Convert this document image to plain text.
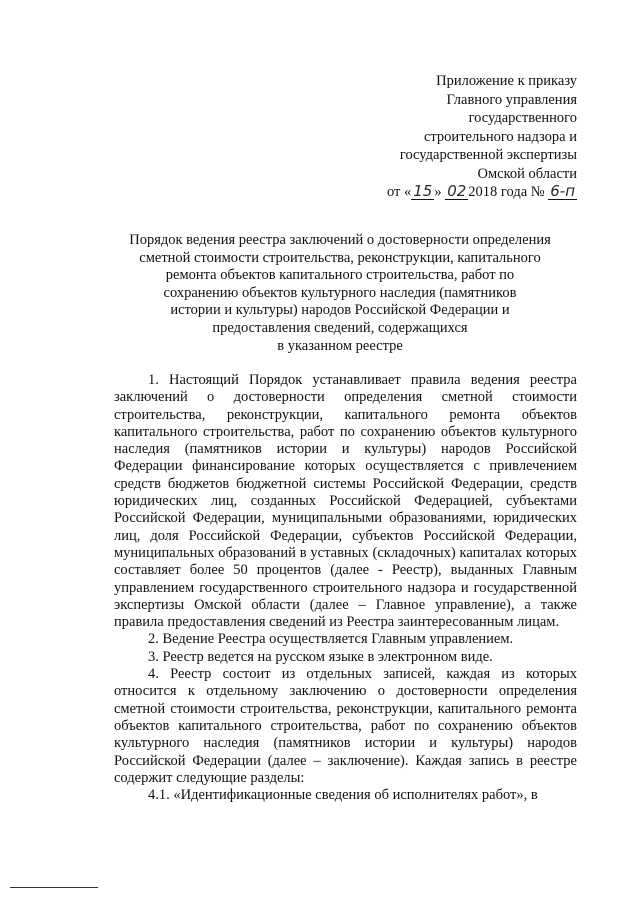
Приложение к приказу
Главного управления
государственного
строительного надзора и
государственной экспертизы
Омской области
от « 15 » 02 2018 года № 6-п
Порядок ведения реестра заключений о достоверности определения
сметной стоимости строительства, реконструкции, капитального
ремонта объектов капитального строительства, работ по
сохранению объектов культурного наследия (памятников
истории и культуры) народов Российской Федерации и
предоставления сведений, содержащихся
в указанном реестре

1. Настоящий Порядок устанавливает правила ведения реестра заключений о достоверности определения сметной стоимости строительства, реконструкции, капитального ремонта объектов капитального строительства, работ по сохранению объектов культурного наследия (памятников истории и культуры) народов Российской Федерации финансирование которых осуществляется с привлечением средств бюджетов бюджетной системы Российской Федерации, средств юридических лиц, созданных Российской Федерацией, субъектами Российской Федерации, муниципальными образованиями, юридических лиц, доля Российской Федерации, субъектов Российской Федерации, муниципальных образований в уставных (складочных) капиталах которых составляет более 50 процентов (далее - Реестр), выданных Главным управлением государственного строительного надзора и государственной экспертизы Омской области (далее – Главное управление), а также правила предоставления сведений из Реестра заинтересованным лицам.

2. Ведение Реестра осуществляется Главным управлением.

3. Реестр ведется на русском языке в электронном виде.

4. Реестр состоит из отдельных записей, каждая из которых относится к отдельному заключению о достоверности определения сметной стоимости строительства, реконструкции, капитального ремонта объектов капитального строительства, работ по сохранению объектов культурного наследия (памятников истории и культуры) народов Российской Федерации (далее – заключение). Каждая запись в реестре содержит следующие разделы:

4.1. «Идентификационные сведения об исполнителях работ», в
